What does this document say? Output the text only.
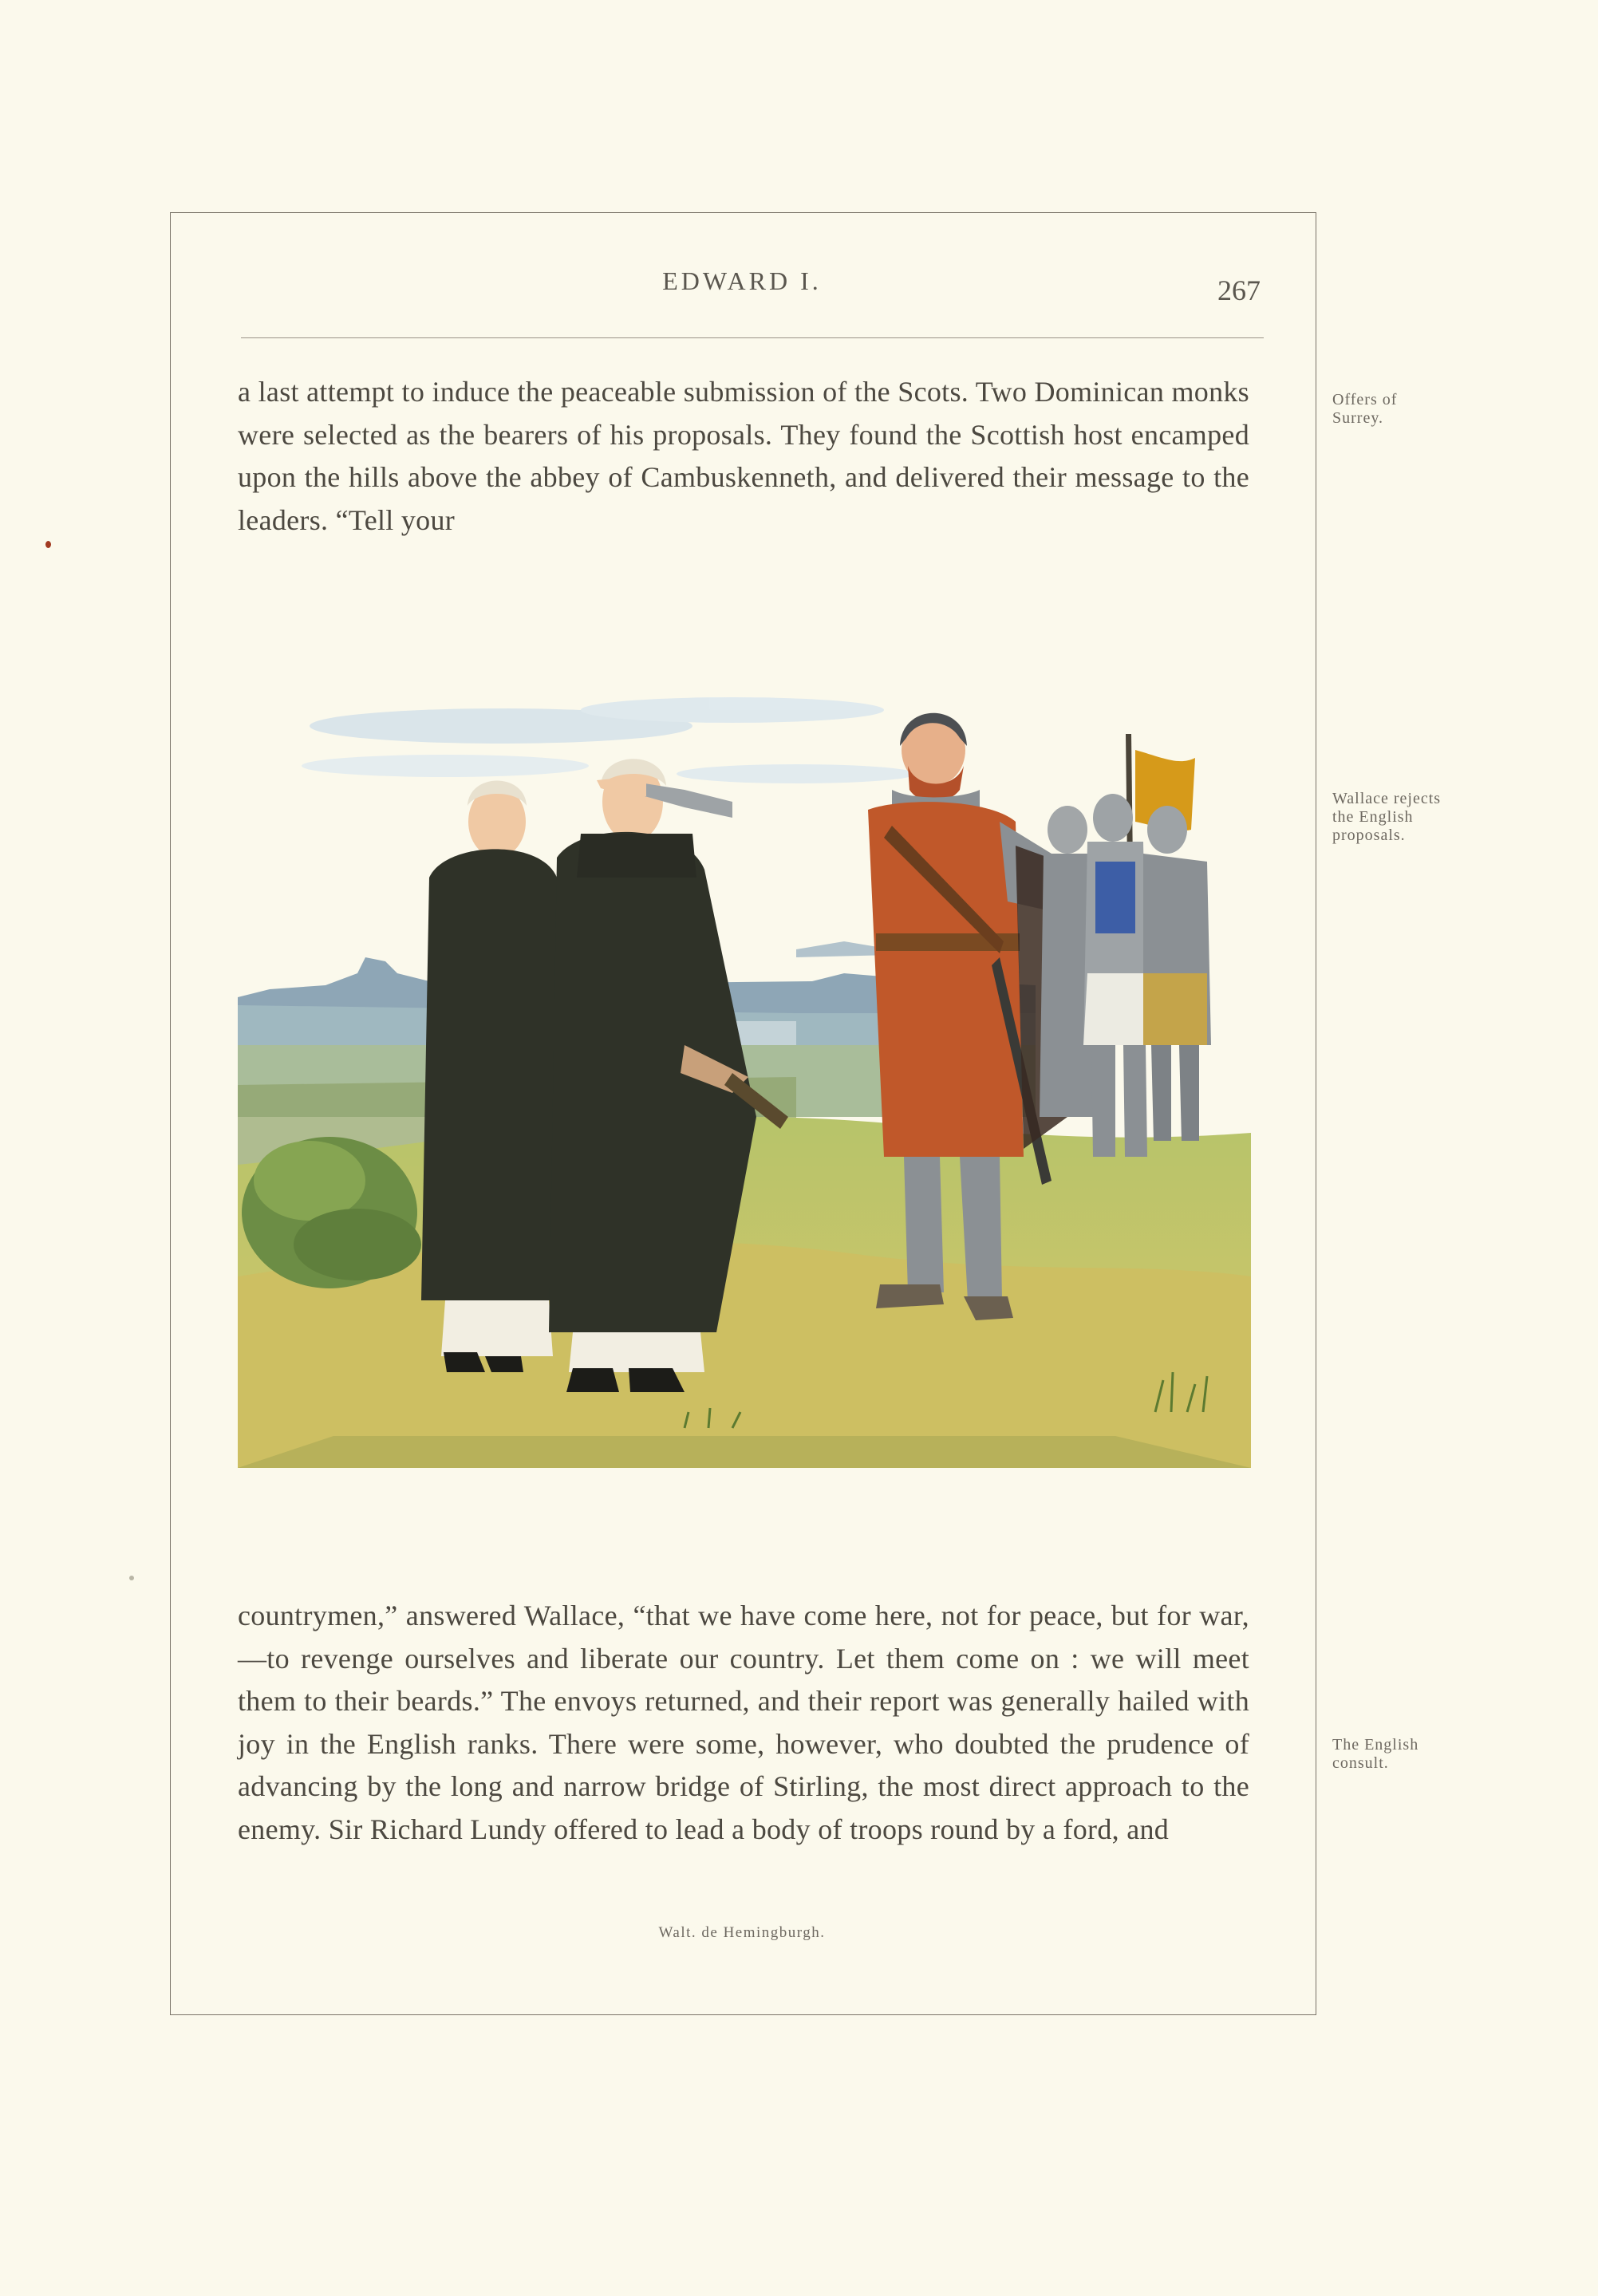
EDWARD I.	267

a last attempt to induce the peaceable submission of the Scots. Two Dominican monks were selected as the bearers of his proposals. They found the Scottish host encamped upon the hills above the abbey of Cambuskenneth, and delivered their message to the leaders. “Tell your

Offers of Surrey.

Wallace rejects the English proposals.

The English consult.

countrymen,” answered Wallace, “that we have come here, not for peace, but for war,—to revenge ourselves and liberate our country. Let them come on : we will meet them to their beards.” The envoys returned, and their report was generally hailed with joy in the English ranks. There were some, however, who doubted the prudence of advancing by the long and narrow bridge of Stirling, the most direct approach to the enemy. Sir Richard Lundy offered to lead a body of troops round by a ford, and

Walt. de Hemingburgh.
